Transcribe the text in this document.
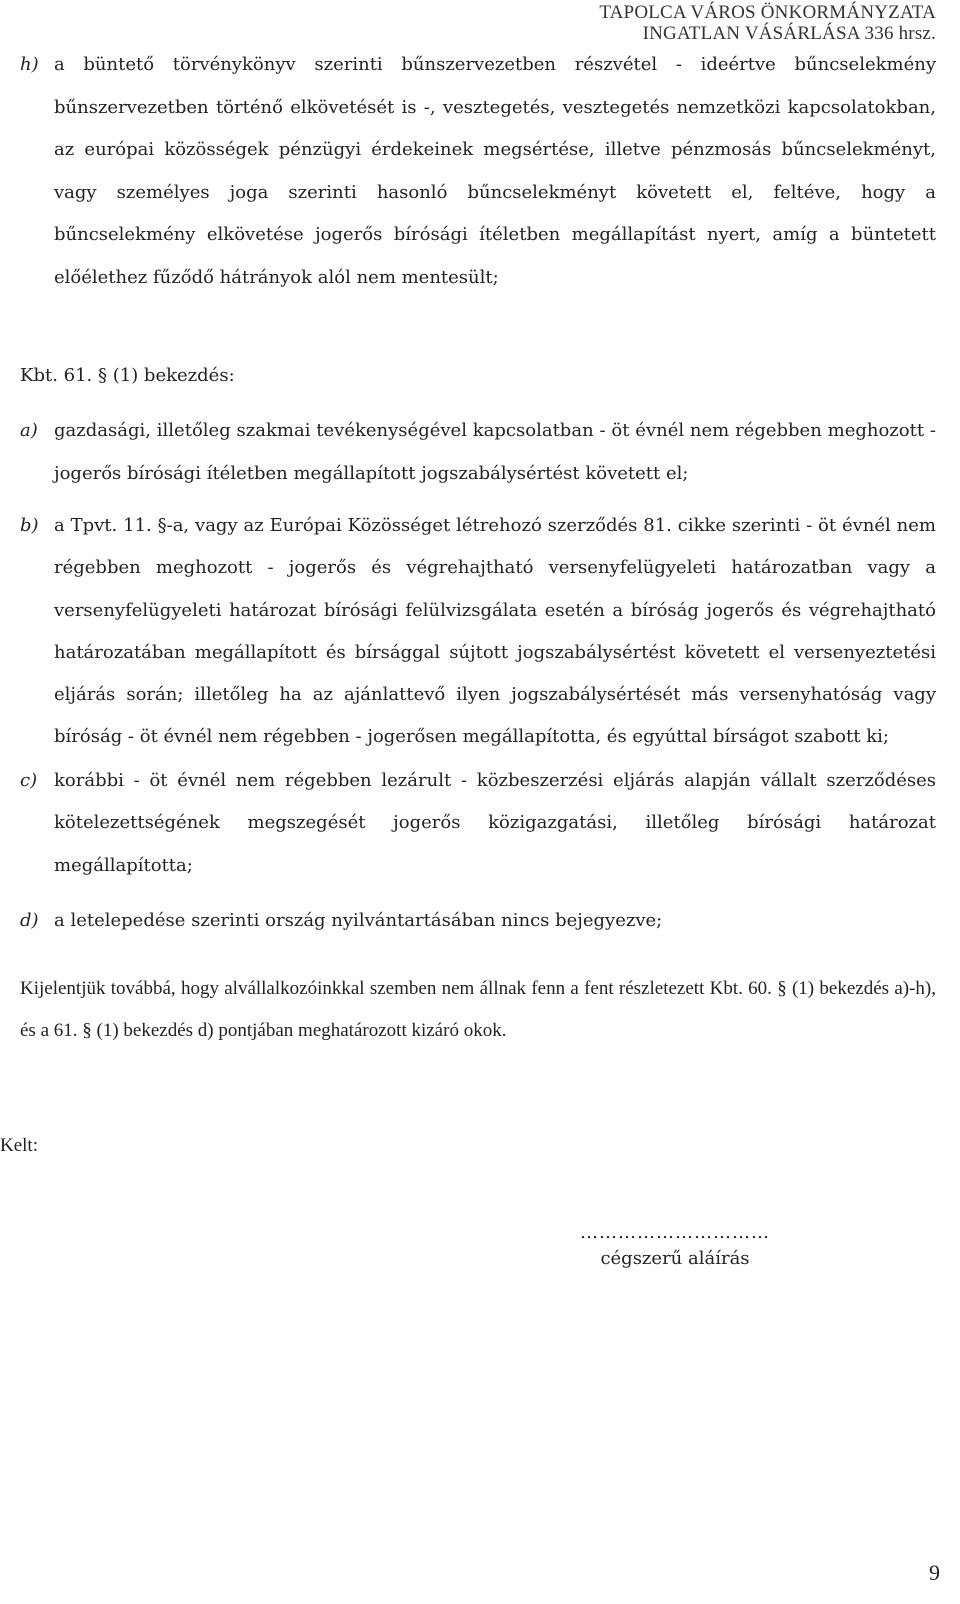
TAPOLCA VÁROS ÖNKORMÁNYZATA
INGATLAN VÁSÁRLÁSA 336 hrsz.
h) a büntető törvénykönyv szerinti bűnszervezetben részvétel - ideértve bűncselekmény bűnszervezetben történő elkövetését is -, vesztegetés, vesztegetés nemzetközi kapcsolatokban, az európai közösségek pénzügyi érdekeinek megsértése, illetve pénzmosás bűncselekményt, vagy személyes joga szerinti hasonló bűncselekményt követett el, feltéve, hogy a bűncselekmény elkövetése jogerős bírósági ítéletben megállapítást nyert, amíg a büntetett előélethez fűződő hátrányok alól nem mentesült;
Kbt. 61. § (1) bekezdés:
a) gazdasági, illetőleg szakmai tevékenységével kapcsolatban - öt évnél nem régebben meghozott - jogerős bírósági ítéletben megállapított jogszabálysértést követett el;
b) a Tpvt. 11. §-a, vagy az Európai Közösséget létrehozó szerződés 81. cikke szerinti - öt évnél nem régebben meghozott - jogerős és végrehajtható versenyfelügyeleti határozatban vagy a versenyfelügyeleti határozat bírósági felülvizsgálata esetén a bíróság jogerős és végrehajtható határozatában megállapított és bírsággal sújtott jogszabálysértést követett el versenyeztetési eljárás során; illetőleg ha az ajánlattevő ilyen jogszabálysértését más versenyhatóság vagy bíróság - öt évnél nem régebben - jogerősen megállapította, és egyúttal bírságot szabott ki;
c) korábbi - öt évnél nem régebben lezárult - közbeszerzési eljárás alapján vállalt szerződéses kötelezettségének megszegését jogerős közigazgatási, illetőleg bírósági határozat megállapította;
d) a letelepedése szerinti ország nyilvántartásában nincs bejegyezve;
Kijelentjük továbbá, hogy alvállalkozóinkkal szemben nem állnak fenn a fent részletezett Kbt. 60. § (1) bekezdés a)-h), és a 61. § (1) bekezdés d) pontjában meghatározott kizáró okok.
Kelt:
…………………………
cégszerű aláírás
9
